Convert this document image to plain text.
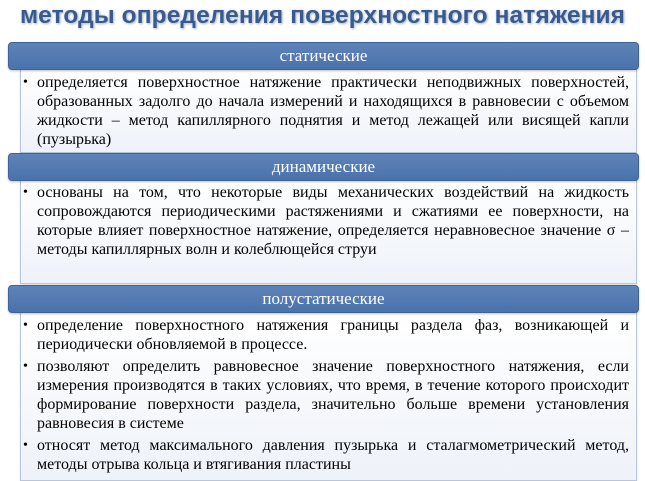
методы определения поверхностного натяжения
• определяется поверхностное натяжение практически неподвижных поверхностей, образованных задолго до начала измерений и находящихся в равновесии с объемом жидкости – метод капиллярного поднятия и метод лежащей или висящей капли (пузырька)
статические
• основаны на том, что некоторые виды механических воздействий на жидкость сопровождаются периодическими растяжениями и сжатиями ее поверхности, на которые влияет поверхностное натяжение, определяется неравновесное значение σ – методы капиллярных волн и колеблющейся струи
динамические
• определение поверхностного натяжения границы раздела фаз, возникающей и периодически обновляемой в процессе.
• позволяют определить равновесное значение поверхностного натяжения, если измерения производятся в таких условиях, что время, в течение которого происходит формирование поверхности раздела, значительно больше времени установления равновесия в системе
• относят метод максимального давления пузырька и сталагмометрический метод, методы отрыва кольца и втягивания пластины
полустатические
